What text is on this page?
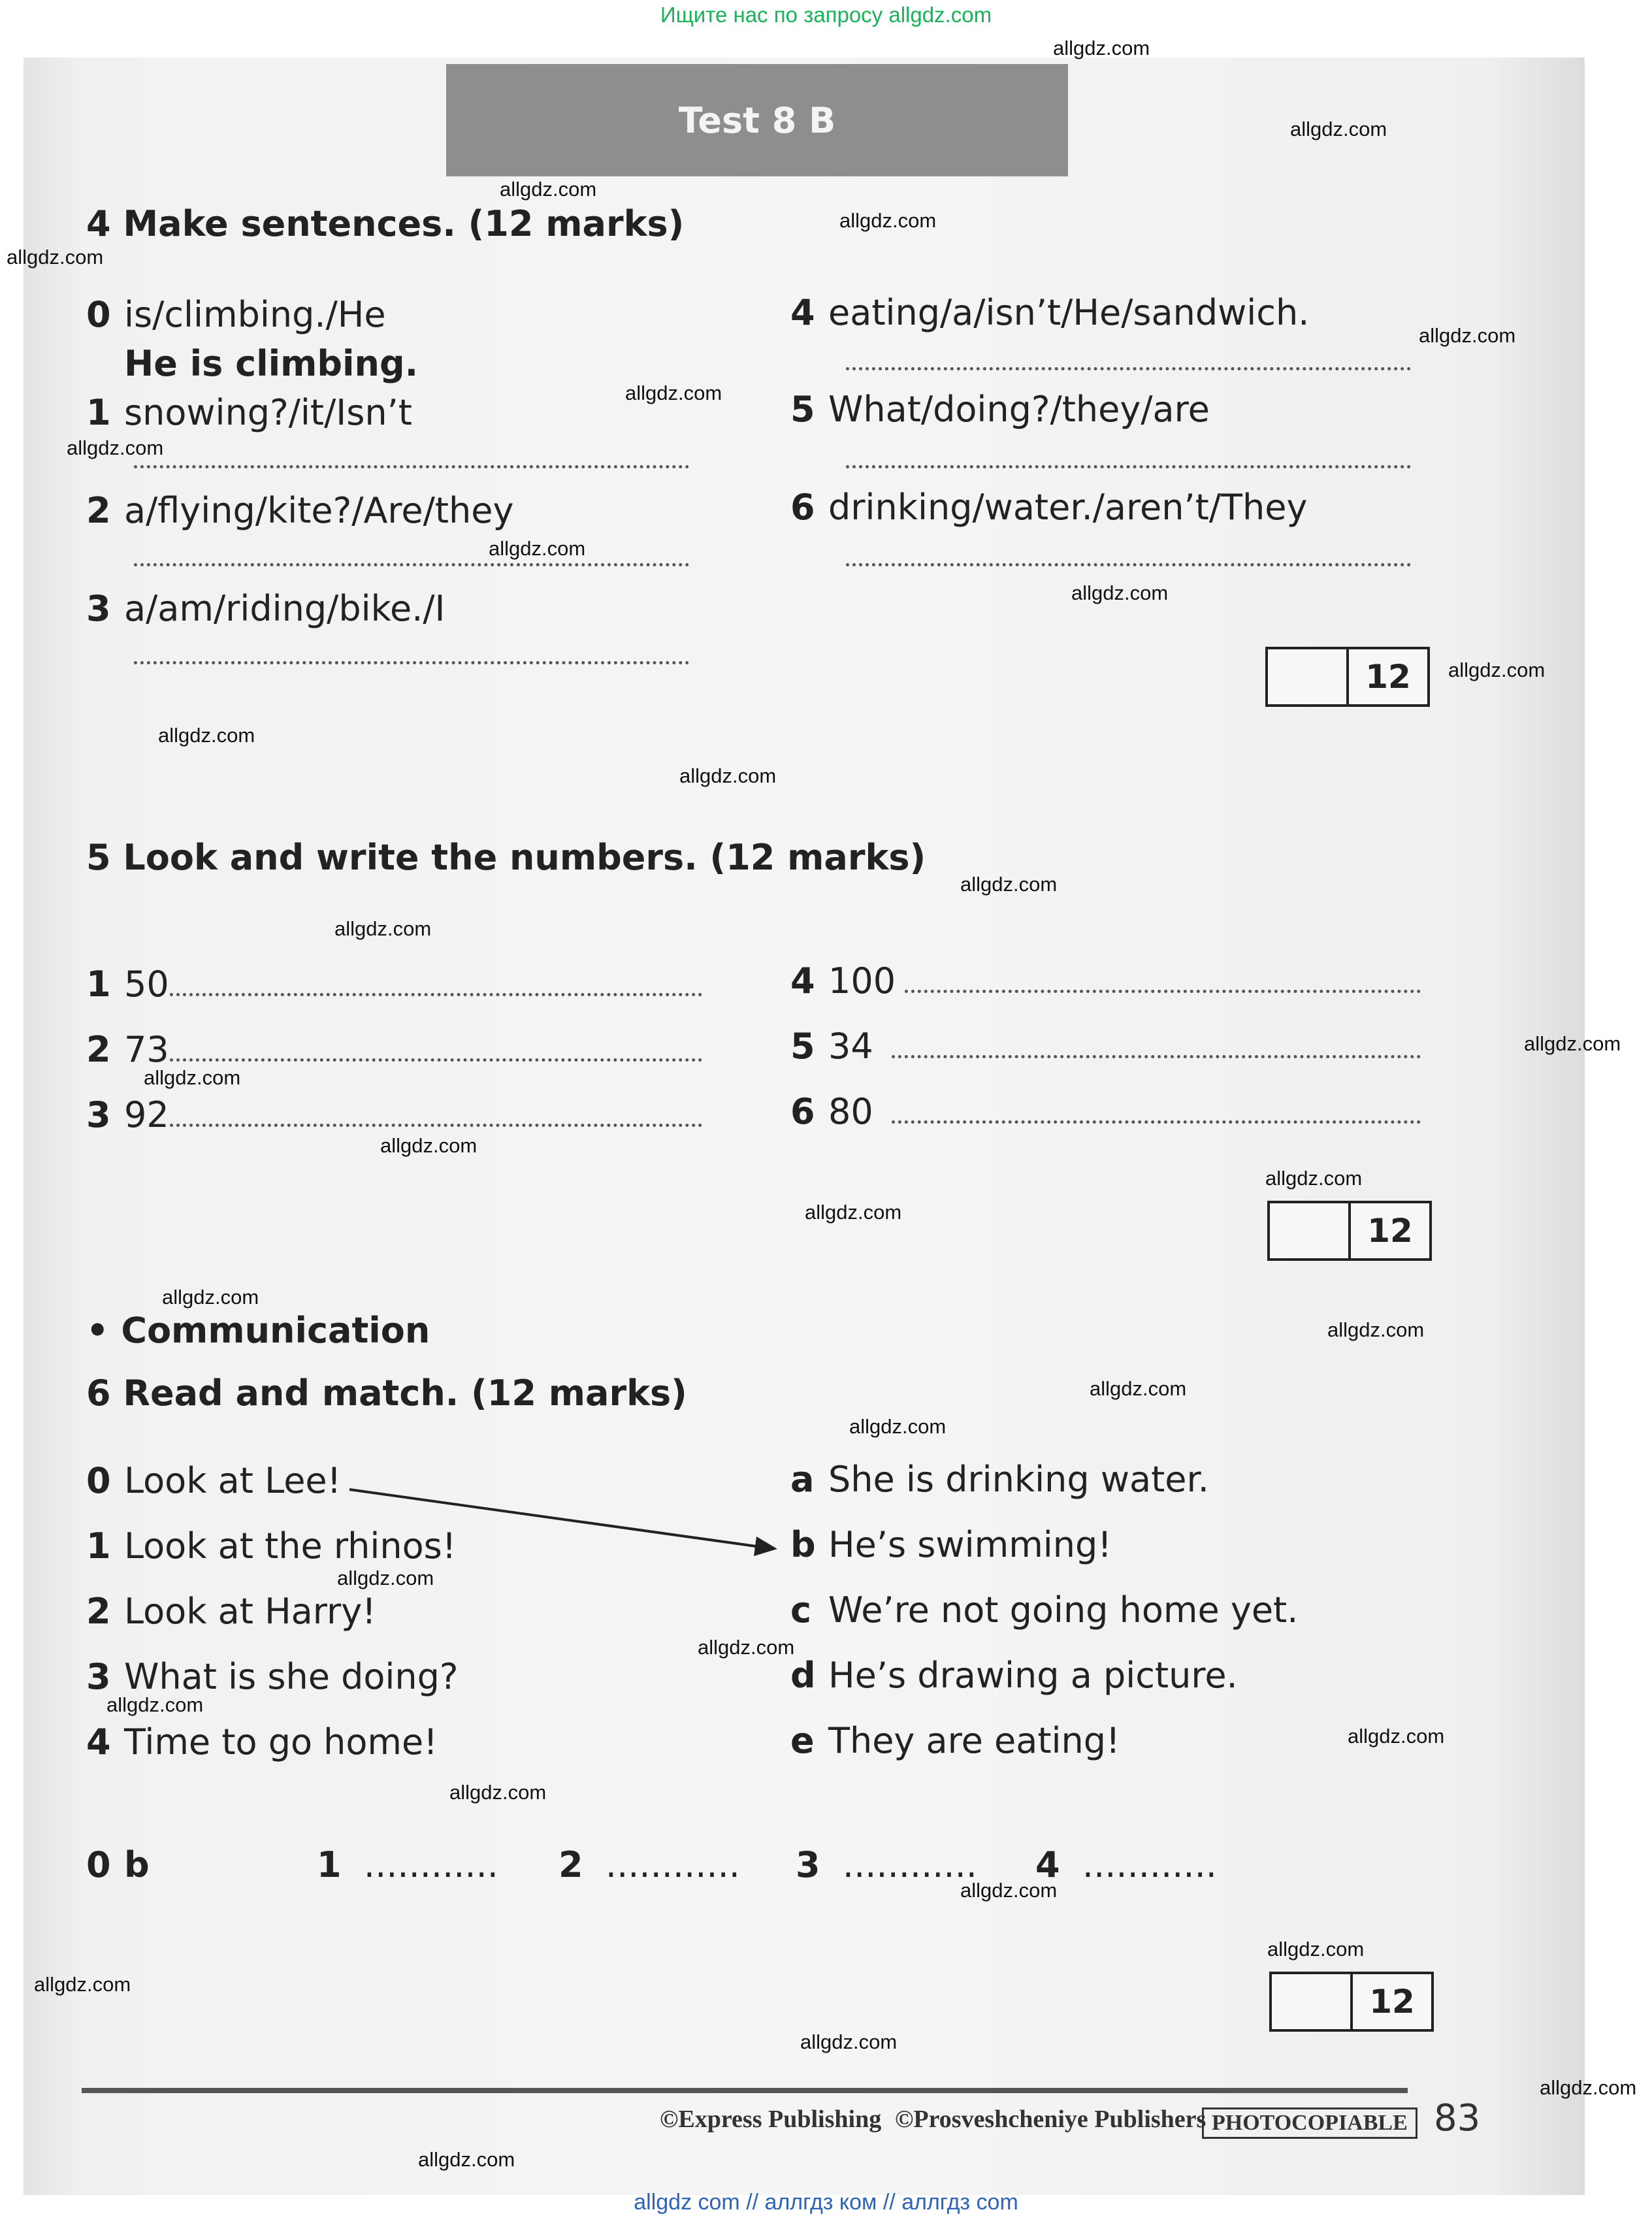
Ищите нас по запросу allgdz.com
Test 8 B
4 Make sentences. (12 marks)
0 is/climbing./He
He is climbing.
1 snowing?/it/Isn’t
2 a/flying/kite?/Are/they
3 a/am/riding/bike./I
4 eating/a/isn’t/He/sandwich.
5 What/doing?/they/are
6 drinking/water./aren’t/They
12
5 Look and write the numbers. (12 marks)
1 50
2 73
3 92
4 100
5 34
6 80
12
• Communication
6 Read and match. (12 marks)
0 Look at Lee!
1 Look at the rhinos!
2 Look at Harry!
3 What is she doing?
4 Time to go home!
a She is drinking water.
b He’s swimming!
c We’re not going home yet.
d He’s drawing a picture.
e They are eating!
0 b	1 ............ 2 ............ 3 ............ 4 ............
12
©Express Publishing ©Prosveshcheniye Publishers PHOTOCOPIABLE 83
allgdz.com
allgdz.com
allgdz.com
allgdz.com
allgdz.com
allgdz.com
allgdz.com
allgdz.com
allgdz.com
allgdz.com
allgdz.com
allgdz.com
allgdz.com
allgdz.com
allgdz.com
allgdz.com
allgdz.com
allgdz.com
allgdz.com
allgdz.com
allgdz.com
allgdz.com
allgdz.com
allgdz.com
allgdz.com
allgdz.com
allgdz.com
allgdz.com
allgdz.com
allgdz.com
allgdz.com
allgdz.com
allgdz.com
allgdz.com
allgdz.com
allgdz com // аллгдз ком // аллгдз com
